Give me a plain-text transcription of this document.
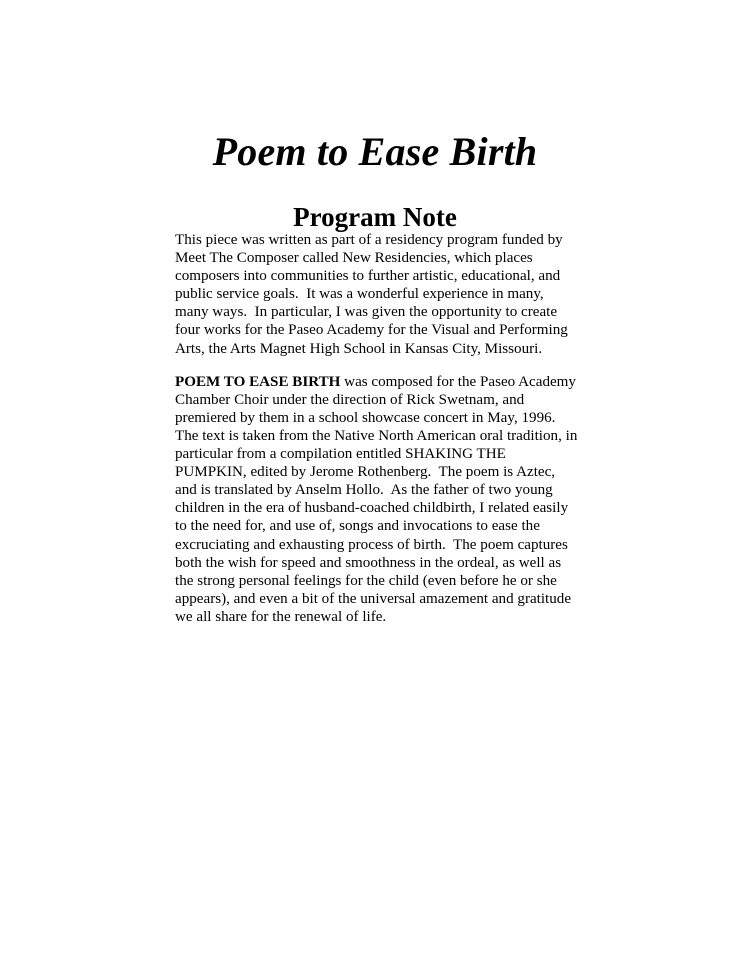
Poem to Ease Birth
Program Note

This piece was written as part of a residency program funded by Meet The Composer called New Residencies, which places composers into communities to further artistic, educational, and public service goals.  It was a wonderful experience in many, many ways.  In particular, I was given the opportunity to create four works for the Paseo Academy for the Visual and Performing Arts, the Arts Magnet High School in Kansas City, Missouri.

POEM TO EASE BIRTH was composed for the Paseo Academy Chamber Choir under the direction of Rick Swetnam, and premiered by them in a school showcase concert in May, 1996.  The text is taken from the Native North American oral tradition, in particular from a compilation entitled SHAKING THE PUMPKIN, edited by Jerome Rothenberg.  The poem is Aztec, and is translated by Anselm Hollo.  As the father of two young children in the era of husband-coached childbirth, I related easily to the need for, and use of, songs and invocations to ease the excruciating and exhausting process of birth.  The poem captures both the wish for speed and smoothness in the ordeal, as well as the strong personal feelings for the child (even before he or she appears), and even a bit of the universal amazement and gratitude we all share for the renewal of life.
